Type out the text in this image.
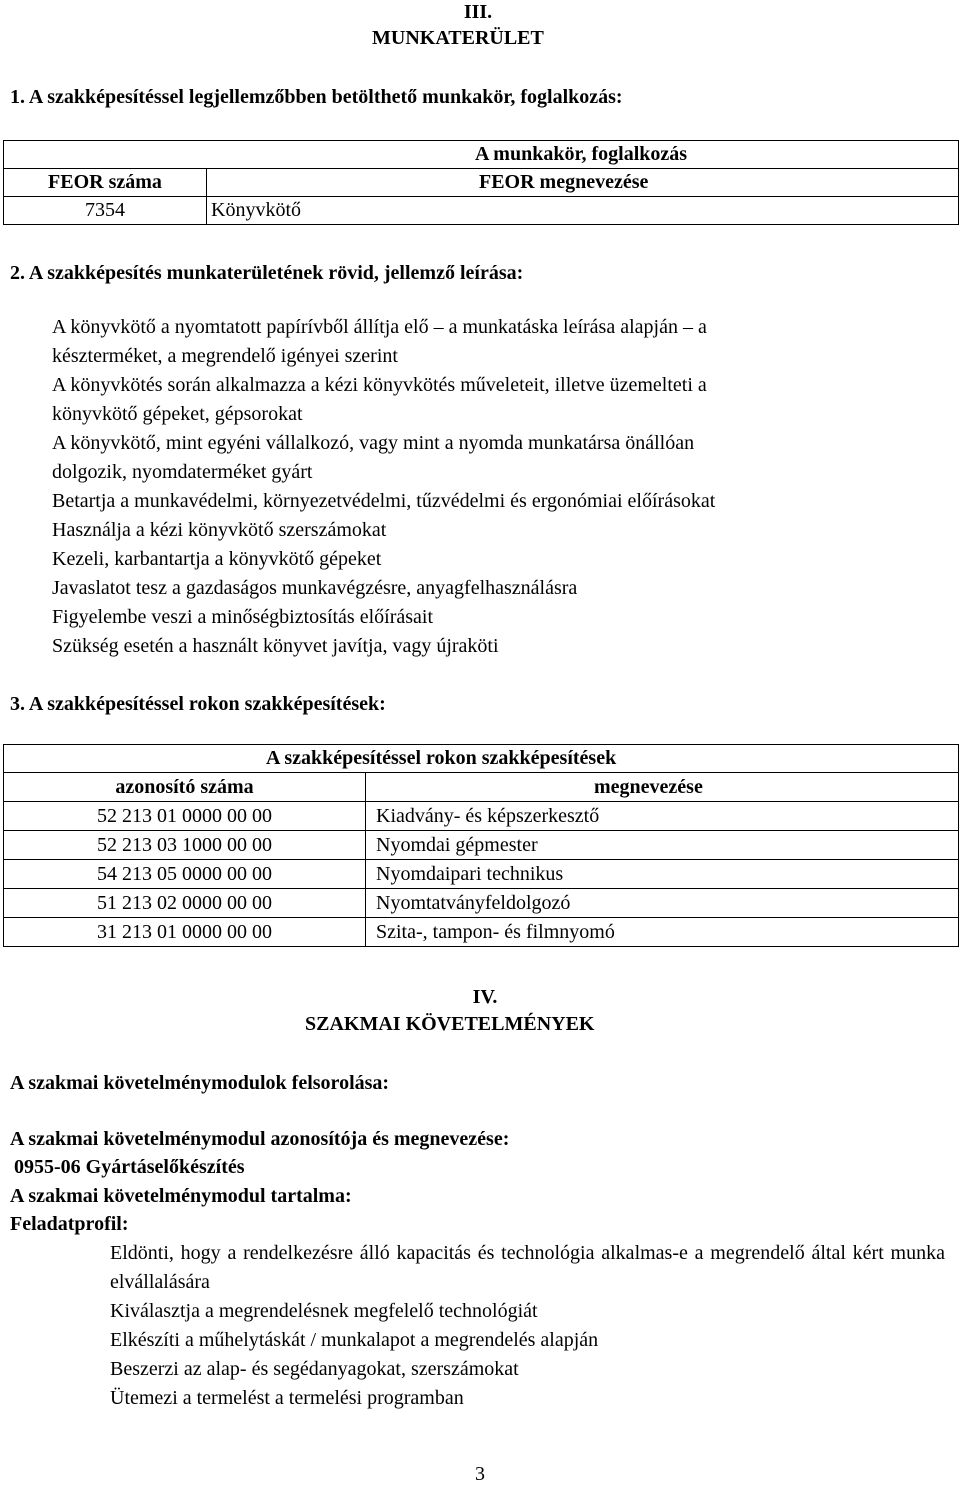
III.
MUNKATERÜLET
1. A szakképesítéssel legjellemzőbben betölthető munkakör, foglalkozás:
A munkakör, foglalkozás	
FEOR száma	FEOR megnevezése
7354	Könyvkötő
2. A szakképesítés munkaterületének rövid, jellemző leírása:
A könyvkötő a nyomtatott papírívből állítja elő – a munkatáska leírása alapján – a
készterméket, a megrendelő igényei szerint
A könyvkötés során alkalmazza a kézi könyvkötés műveleteit, illetve üzemelteti a
könyvkötő gépeket, gépsorokat
A könyvkötő, mint egyéni vállalkozó, vagy mint a nyomda munkatársa önállóan
dolgozik, nyomdaterméket gyárt
Betartja a munkavédelmi, környezetvédelmi, tűzvédelmi és ergonómiai előírásokat
Használja a kézi könyvkötő szerszámokat
Kezeli, karbantartja a könyvkötő gépeket
Javaslatot tesz a gazdaságos munkavégzésre, anyagfelhasználásra
Figyelembe veszi a minőségbiztosítás előírásait
Szükség esetén a használt könyvet javítja, vagy újraköti
3. A szakképesítéssel rokon szakképesítések:
A szakképesítéssel rokon szakképesítések	
azonosító száma	megnevezése
52 213 01 0000 00 00	Kiadvány- és képszerkesztő
52 213 03 1000 00 00	Nyomdai gépmester
54 213 05 0000 00 00	Nyomdaipari technikus
51 213 02 0000 00 00	Nyomtatványfeldolgozó
31 213 01 0000 00 00	Szita-, tampon- és filmnyomó
IV.
SZAKMAI KÖVETELMÉNYEK
A szakmai követelménymodulok felsorolása:
A szakmai követelménymodul azonosítója és megnevezése:
0955-06 Gyártáselőkészítés
A szakmai követelménymodul tartalma:
Feladatprofil:
Eldönti, hogy a rendelkezésre álló kapacitás és technológia alkalmas-e a megrendelő által kért munka elvállalására
Kiválasztja a megrendelésnek megfelelő technológiát
Elkészíti a műhelytáskát / munkalapot a megrendelés alapján
Beszerzi az alap- és segédanyagokat, szerszámokat
Ütemezi a termelést a termelési programban
3
